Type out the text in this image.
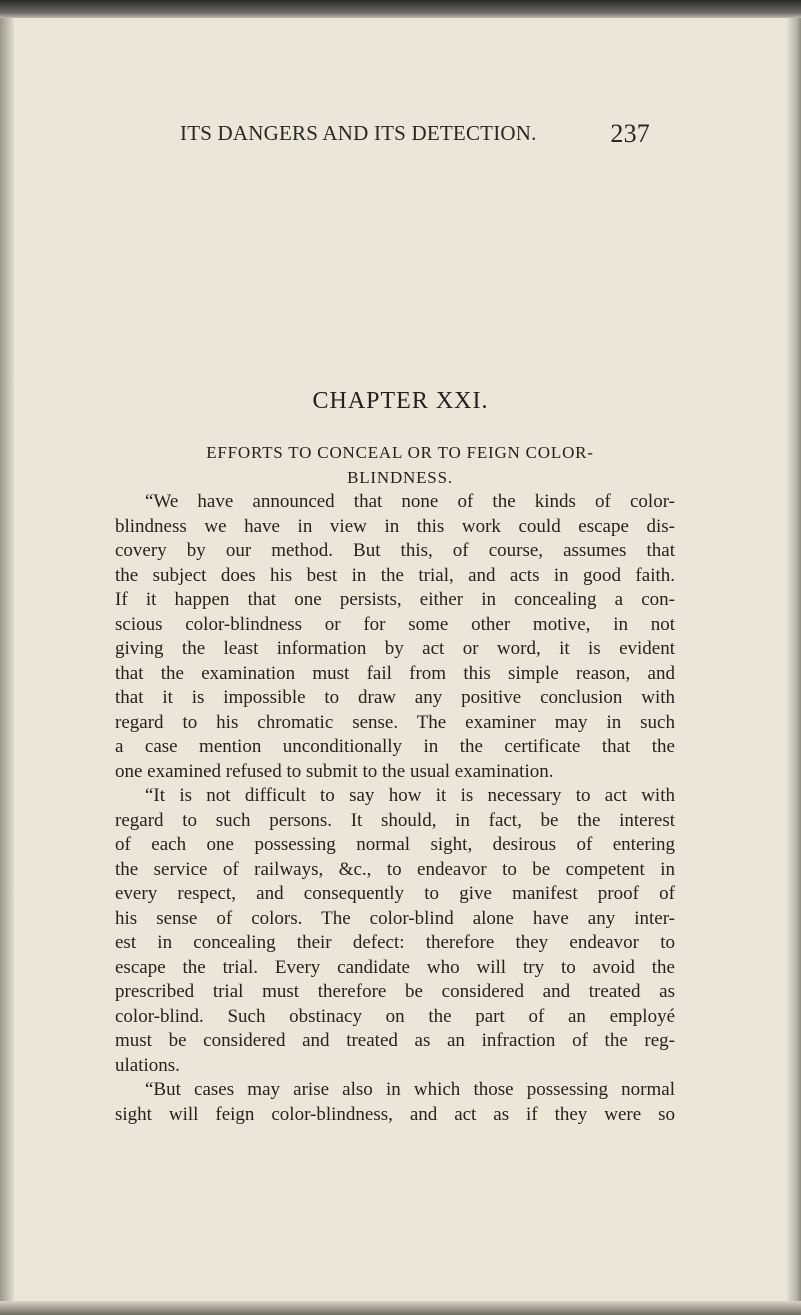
ITS DANGERS AND ITS DETECTION.	237
CHAPTER XXI.
EFFORTS TO CONCEAL OR TO FEIGN COLOR-
BLINDNESS.
“We have announced that none of the kinds of color-
blindness we have in view in this work could escape dis-
covery by our method. But this, of course, assumes that
the subject does his best in the trial, and acts in good faith.
If it happen that one persists, either in concealing a con-
scious color-blindness or for some other motive, in not
giving the least information by act or word, it is evident
that the examination must fail from this simple reason, and
that it is impossible to draw any positive conclusion with
regard to his chromatic sense. The examiner may in such
a case mention unconditionally in the certificate that the
one examined refused to submit to the usual examination.
“It is not difficult to say how it is necessary to act with
regard to such persons. It should, in fact, be the interest
of each one possessing normal sight, desirous of entering
the service of railways, &c., to endeavor to be competent in
every respect, and consequently to give manifest proof of
his sense of colors. The color-blind alone have any inter-
est in concealing their defect: therefore they endeavor to
escape the trial. Every candidate who will try to avoid the
prescribed trial must therefore be considered and treated as
color-blind. Such obstinacy on the part of an employé
must be considered and treated as an infraction of the reg-
ulations.
“But cases may arise also in which those possessing normal
sight will feign color-blindness, and act as if they were so
